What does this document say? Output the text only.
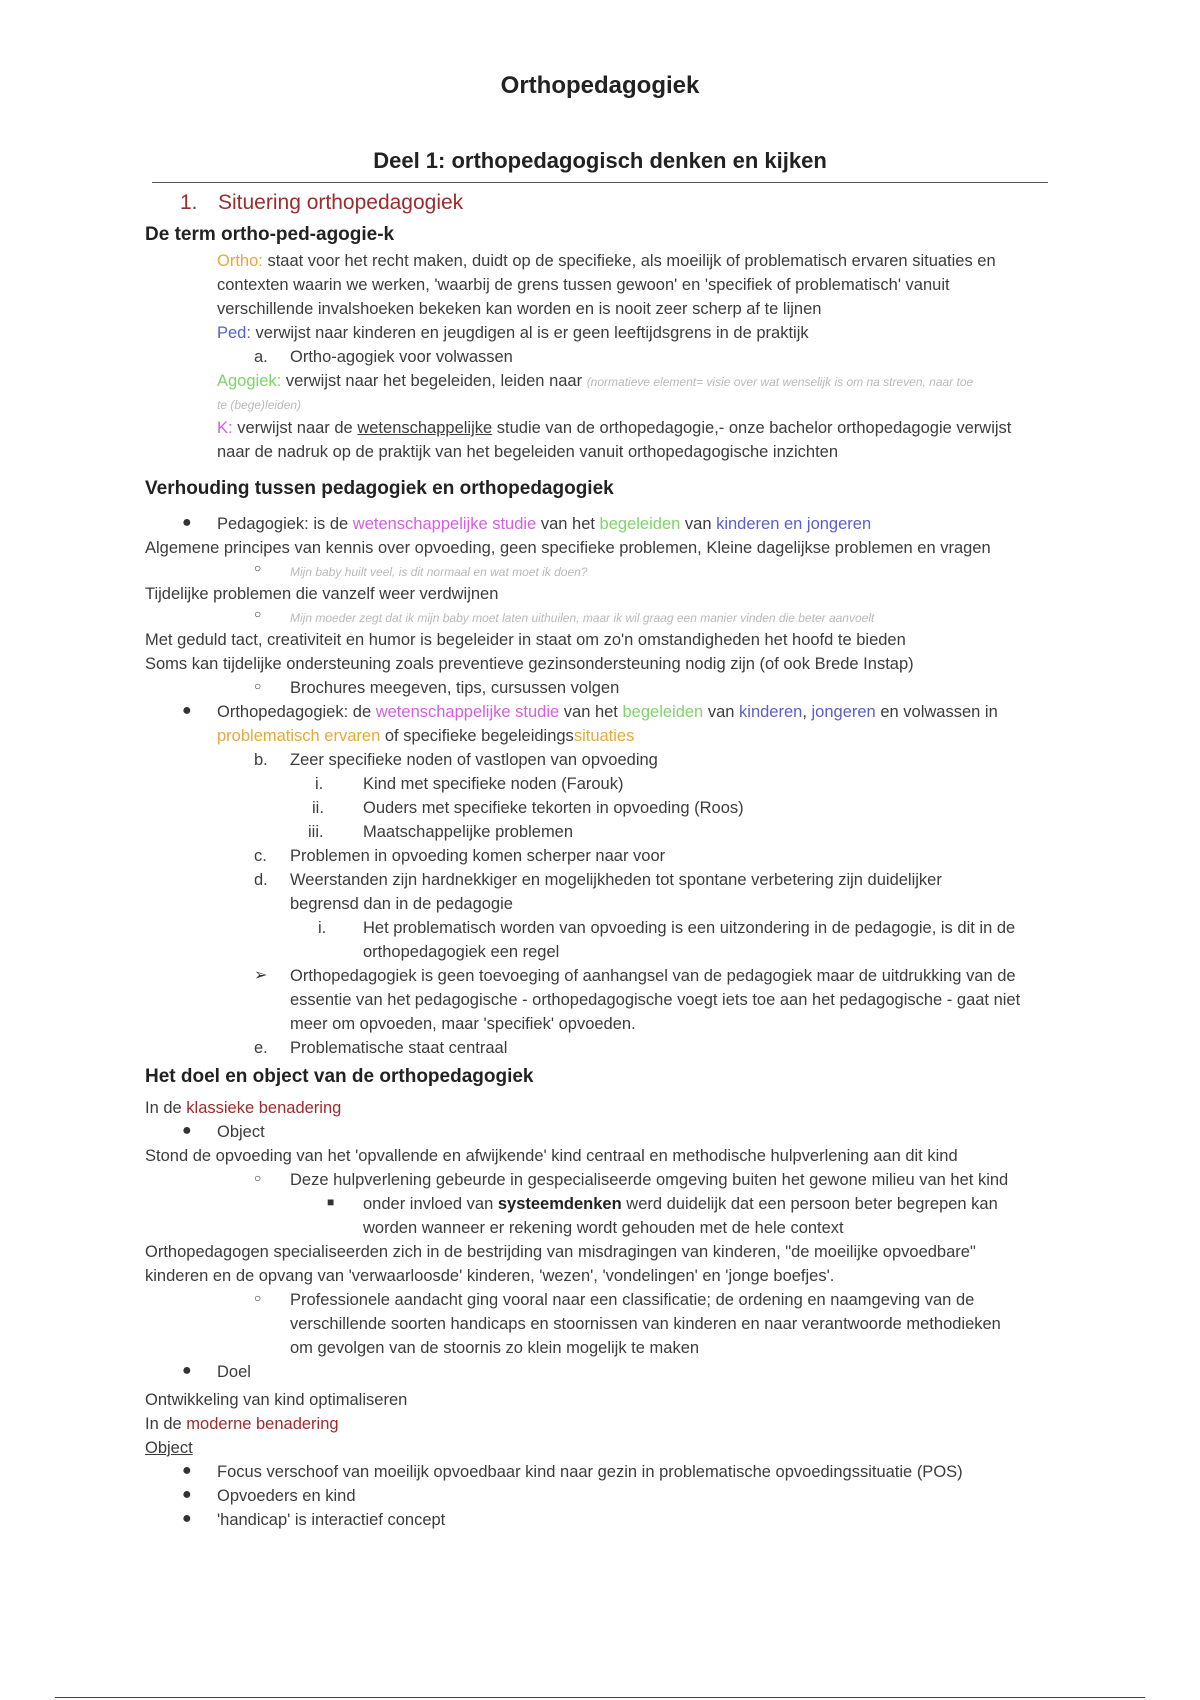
Orthopedagogiek
Deel 1: orthopedagogisch denken en kijken
1. Situering orthopedagogiek
De term ortho-ped-agogie-k
Ortho: staat voor het recht maken, duidt op de specifieke, als moeilijk of problematisch ervaren situaties en
contexten waarin we werken, 'waarbij de grens tussen gewoon' en 'specifiek of problematisch' vanuit
verschillende invalshoeken bekeken kan worden en is nooit zeer scherp af te lijnen
Ped: verwijst naar kinderen en jeugdigen al is er geen leeftijdsgrens in de praktijk
a. Ortho-agogiek voor volwassen
Agogiek: verwijst naar het begeleiden, leiden naar (normatieve element= visie over wat wenselijk is om na streven, naar toe
te (bege)leiden)
K: verwijst naar de wetenschappelijke studie van de orthopedagogie,- onze bachelor orthopedagogie verwijst
naar de nadruk op de praktijk van het begeleiden vanuit orthopedagogische inzichten
Verhouding tussen pedagogiek en orthopedagogiek
● Pedagogiek: is de wetenschappelijke studie van het begeleiden van kinderen en jongeren
Algemene principes van kennis over opvoeding, geen specifieke problemen, Kleine dagelijkse problemen en vragen
○ Mijn baby huilt veel, is dit normaal en wat moet ik doen?
Tijdelijke problemen die vanzelf weer verdwijnen
○ Mijn moeder zegt dat ik mijn baby moet laten uithuilen, maar ik wil graag een manier vinden die beter aanvoelt
Met geduld tact, creativiteit en humor is begeleider in staat om zo'n omstandigheden het hoofd te bieden
Soms kan tijdelijke ondersteuning zoals preventieve gezinsondersteuning nodig zijn (of ook Brede Instap)
○ Brochures meegeven, tips, cursussen volgen
● Orthopedagogiek: de wetenschappelijke studie van het begeleiden van kinderen, jongeren en volwassen in
problematisch ervaren of specifieke begeleidingssituaties
b. Zeer specifieke noden of vastlopen van opvoeding
i. Kind met specifieke noden (Farouk)
ii. Ouders met specifieke tekorten in opvoeding (Roos)
iii. Maatschappelijke problemen
c. Problemen in opvoeding komen scherper naar voor
d. Weerstanden zijn hardnekkiger en mogelijkheden tot spontane verbetering zijn duidelijker
begrensd dan in de pedagogie
i. Het problematisch worden van opvoeding is een uitzondering in de pedagogie, is dit in de
orthopedagogiek een regel
➢ Orthopedagogiek is geen toevoeging of aanhangsel van de pedagogiek maar de uitdrukking van de
essentie van het pedagogische - orthopedagogische voegt iets toe aan het pedagogische - gaat niet
meer om opvoeden, maar 'specifiek' opvoeden.
e. Problematische staat centraal
Het doel en object van de orthopedagogiek
In de klassieke benadering
● Object
Stond de opvoeding van het 'opvallende en afwijkende' kind centraal en methodische hulpverlening aan dit kind
○ Deze hulpverlening gebeurde in gespecialiseerde omgeving buiten het gewone milieu van het kind
■ onder invloed van systeemdenken werd duidelijk dat een persoon beter begrepen kan
worden wanneer er rekening wordt gehouden met de hele context
Orthopedagogen specialiseerden zich in de bestrijding van misdragingen van kinderen, "de moeilijke opvoedbare"
kinderen en de opvang van 'verwaarloosde' kinderen, 'wezen', 'vondelingen' en 'jonge boefjes'.
○ Professionele aandacht ging vooral naar een classificatie; de ordening en naamgeving van de
verschillende soorten handicaps en stoornissen van kinderen en naar verantwoorde methodieken
om gevolgen van de stoornis zo klein mogelijk te maken
● Doel
Ontwikkeling van kind optimaliseren
In de moderne benadering
Object
● Focus verschoof van moeilijk opvoedbaar kind naar gezin in problematische opvoedingssituatie (POS)
● Opvoeders en kind
● 'handicap' is interactief concept
